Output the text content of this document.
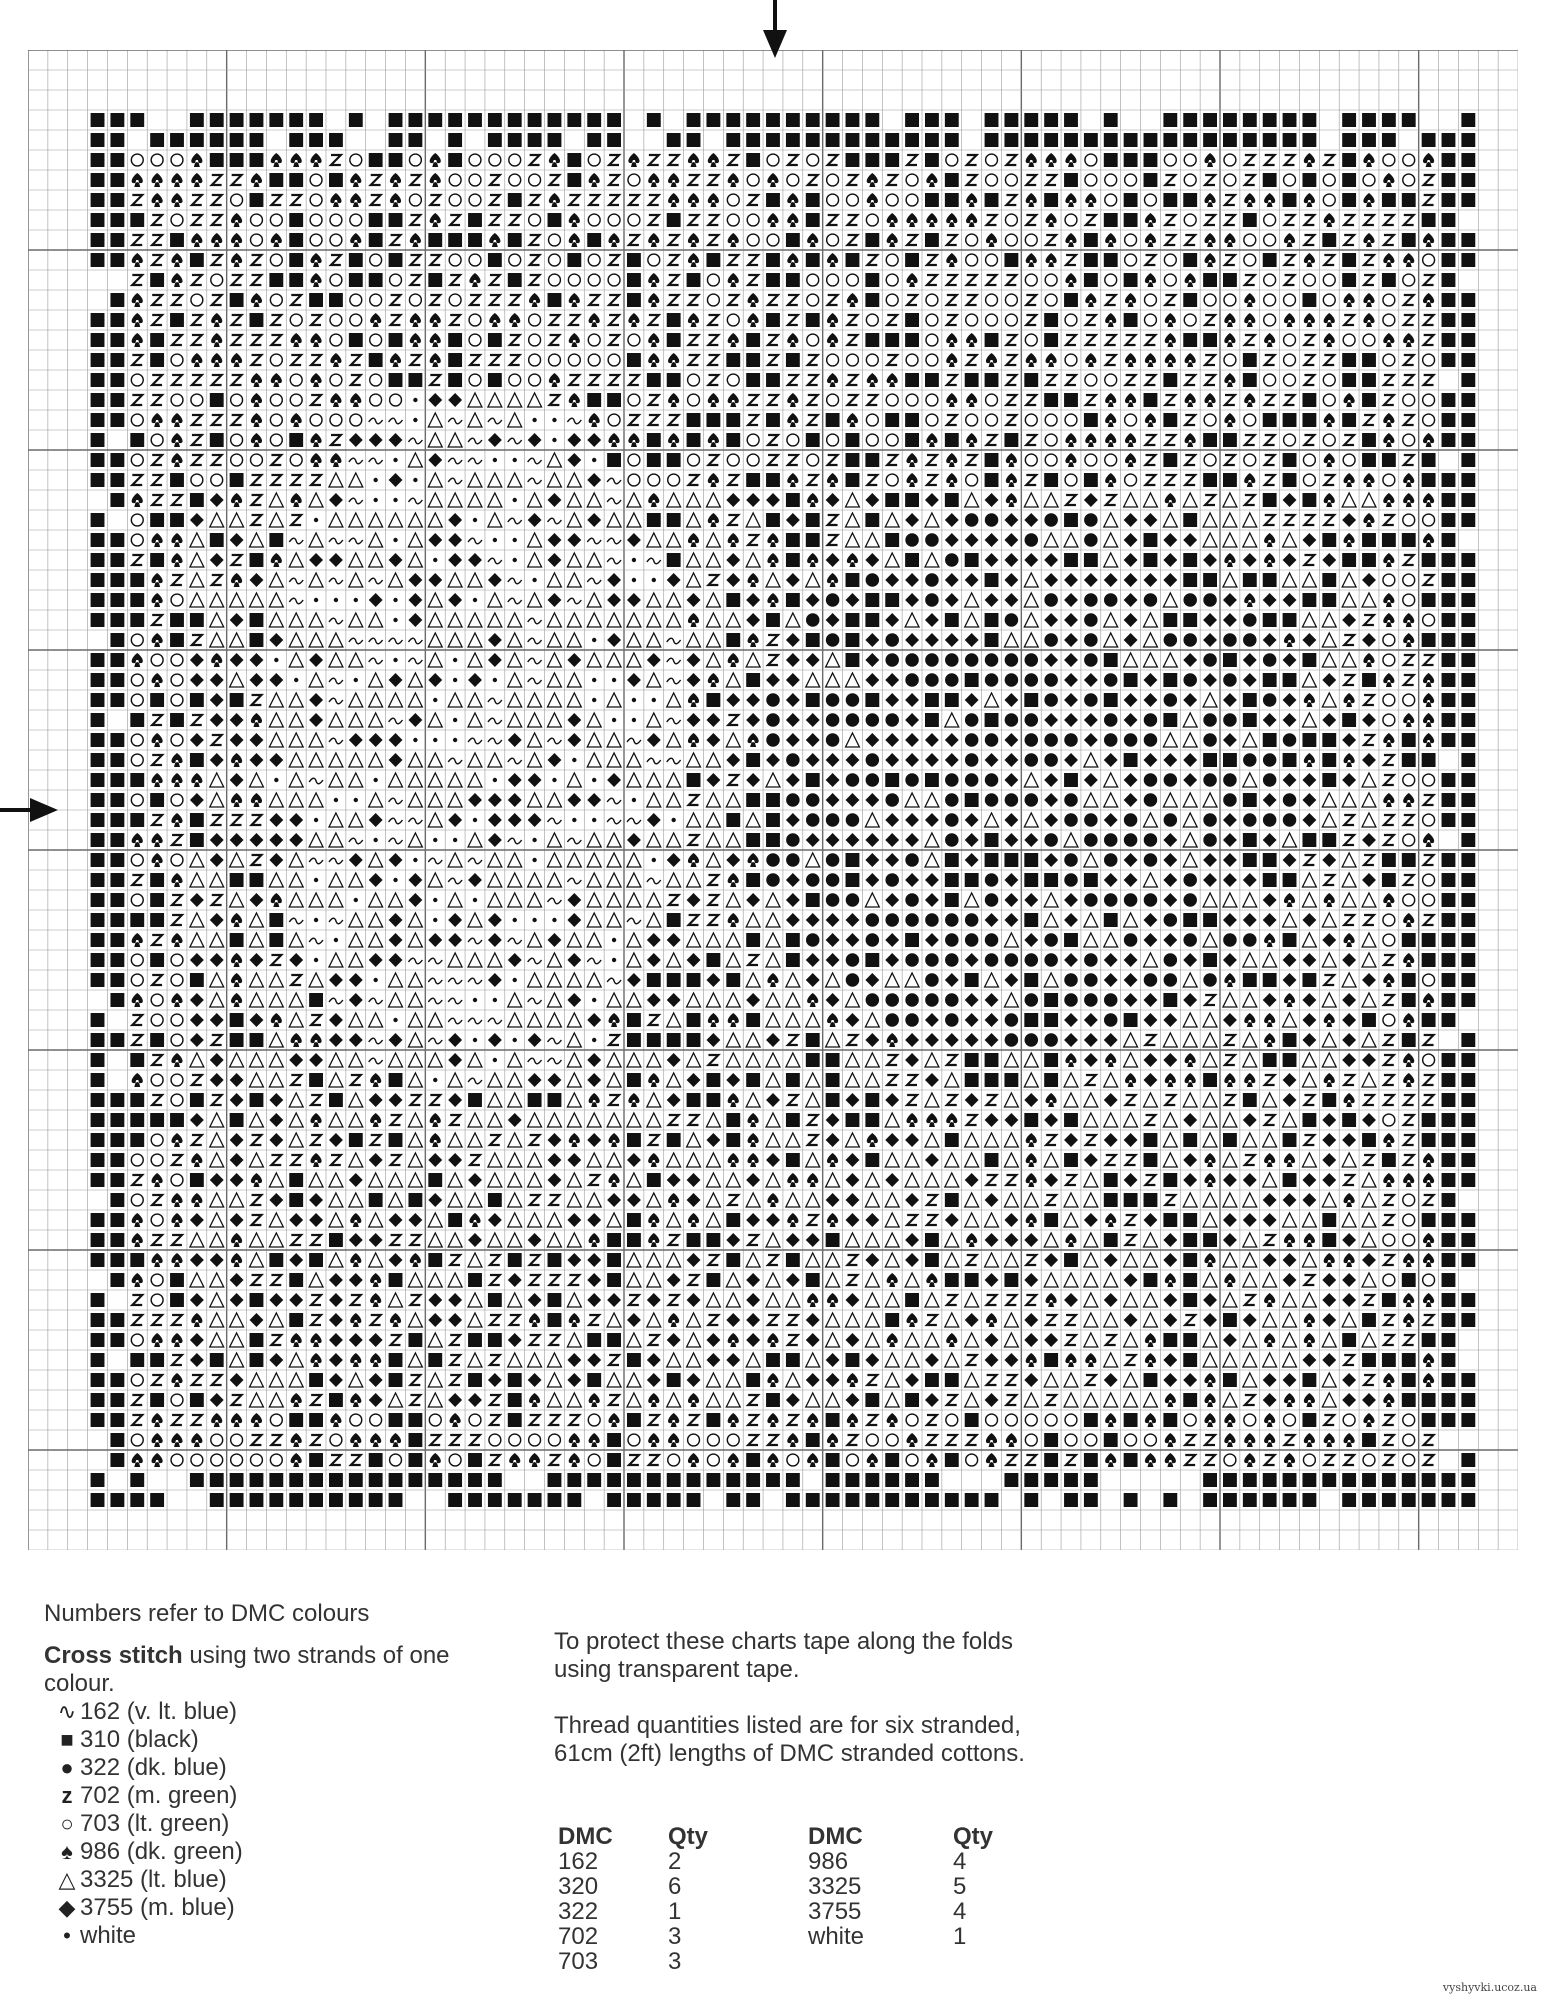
Numbers refer to DMC colours
Cross stitch using two strands of one colour.
∿ 162 (v. lt. blue)
■ 310 (black)
● 322 (dk. blue)
z 702 (m. green)
○ 703 (lt. green)
♠ 986 (dk. green)
△ 3325 (lt. blue)
◆ 3755 (m. blue)
• white

To protect these charts tape along the folds using transparent tape.

Thread quantities listed are for six stranded, 61cm (2ft) lengths of DMC stranded cottons.

DMC	Qty	DMC	Qty
162	2	986	4
320	6	3325	5
322	1	3755	4
702	3	white	1
703	3		
vyshyvki.ucoz.ua
